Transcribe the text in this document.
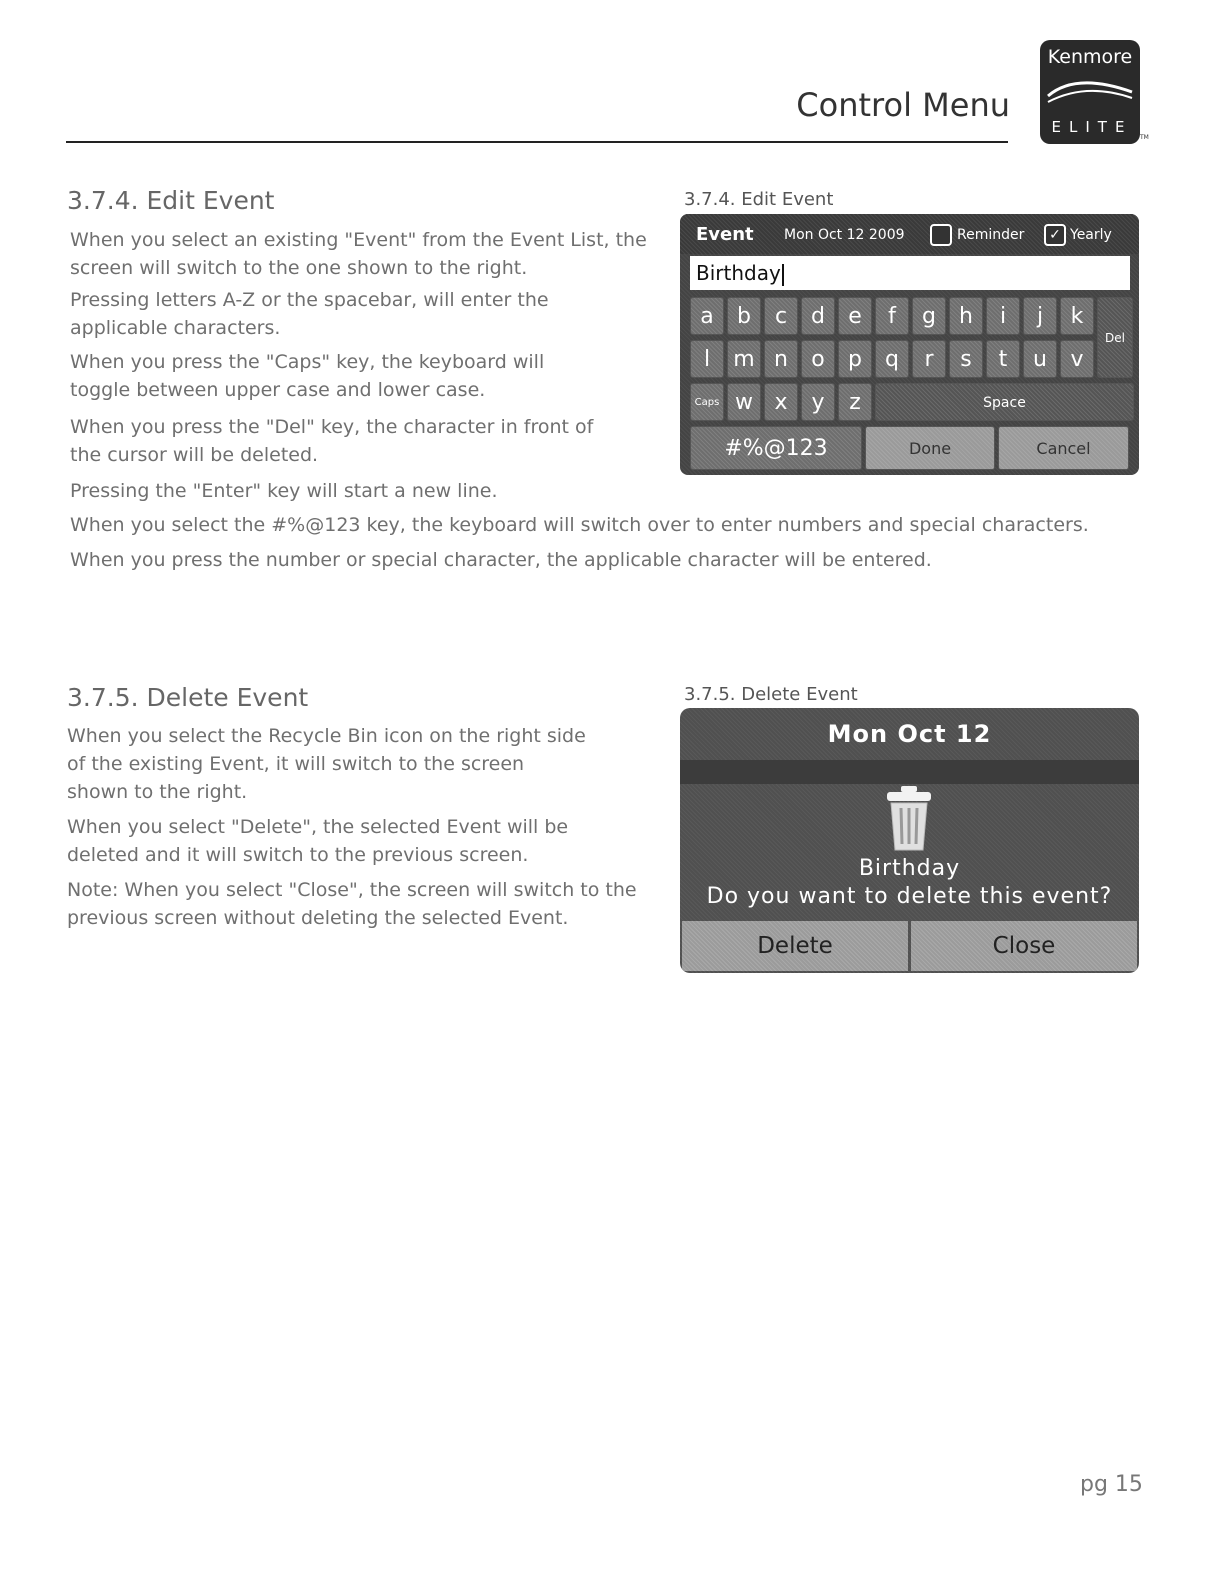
Control Menu
Kenmore
ELITE
TM
3.7.4. Edit Event

When you select an existing "Event" from the Event List, the screen will switch to the one shown to the right.

Pressing letters A-Z or the spacebar, will enter the applicable characters.

When you press the "Caps" key, the keyboard will toggle between upper case and lower case.

When you press the "Del" key, the character in front of the cursor will be deleted.

Pressing the "Enter" key will start a new line.

When you select the #%@123 key, the keyboard will switch over to enter numbers and special characters.

When you press the number or special character, the applicable character will be entered.

3.7.4. Edit Event
Event Mon Oct 12 2009	Reminder	✓ Yearly
Birthday
a	b	c	d	e	f	g	h	i	j	k
l	m n	o	p	q	r	s	t	u	v
Del
Caps w x	y	z	Space
#%@123	Done	Cancel
3.7.5. Delete Event

When you select the Recycle Bin icon on the right side of the existing Event, it will switch to the screen shown to the right.

When you select "Delete", the selected Event will be deleted and it will switch to the previous screen.

Note: When you select "Close", the screen will switch to the previous screen without deleting the selected Event.

3.7.5. Delete Event
Mon Oct 12
Birthday
Do you want to delete this event?
Delete	Close
pg 15
